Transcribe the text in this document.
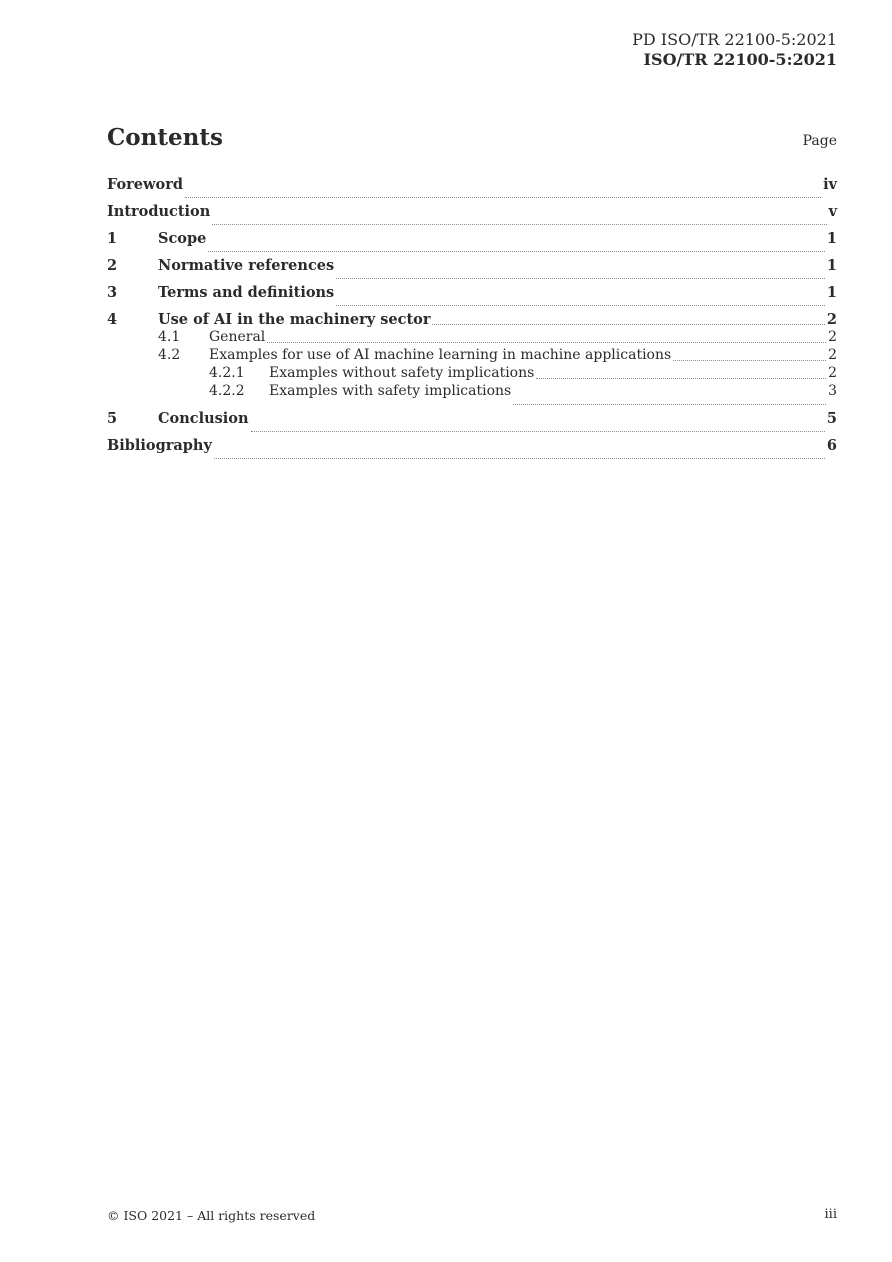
PD ISO/TR 22100-5:2021
ISO/TR 22100-5:2021
Contents	Page
Foreword	iv
Introduction	v
1	Scope	1
2	Normative references	1
3	Terms and definitions	1
4	Use of AI in the machinery sector	2
4.1	General	2
4.2	Examples for use of AI machine learning in machine applications	2
4.2.1	Examples without safety implications	2
4.2.2	Examples with safety implications	3
5	Conclusion	5
Bibliography	6
© ISO 2021 – All rights reserved	iii
